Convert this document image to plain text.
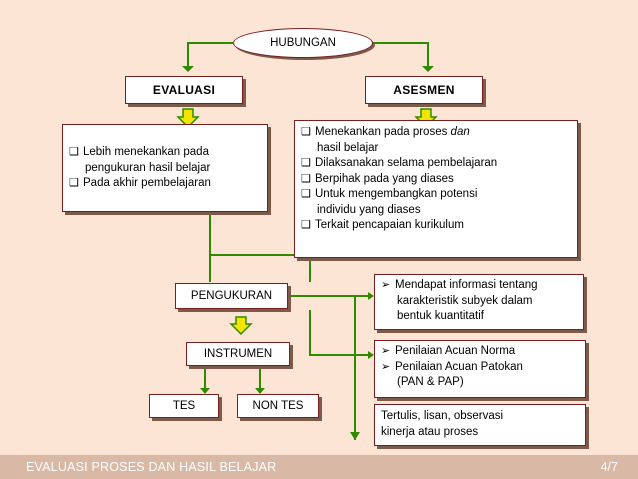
HUBUNGAN
EVALUASI	ASESMEN
❑ Lebih menekankan pada
pengukuran hasil belajar
❑ Pada akhir pembelajaran
❑ Menekankan pada proses dan
hasil belajar
❑ Dilaksanakan selama pembelajaran
❑ Berpihak pada yang diases
❑ Untuk mengembangkan potensi
individu yang diases
❑ Terkait pencapaian kurikulum
PENGUKURAN
➢ Mendapat informasi tentang
karakteristik subyek dalam
bentuk kuantitatif
INSTRUMEN
TES	NON TES
➢ Penilaian Acuan Norma
➢ Penilaian Acuan Patokan
(PAN & PAP)
Tertulis, lisan, observasi
kinerja atau proses
EVALUASI PROSES DAN HASIL BELAJAR	4/7
